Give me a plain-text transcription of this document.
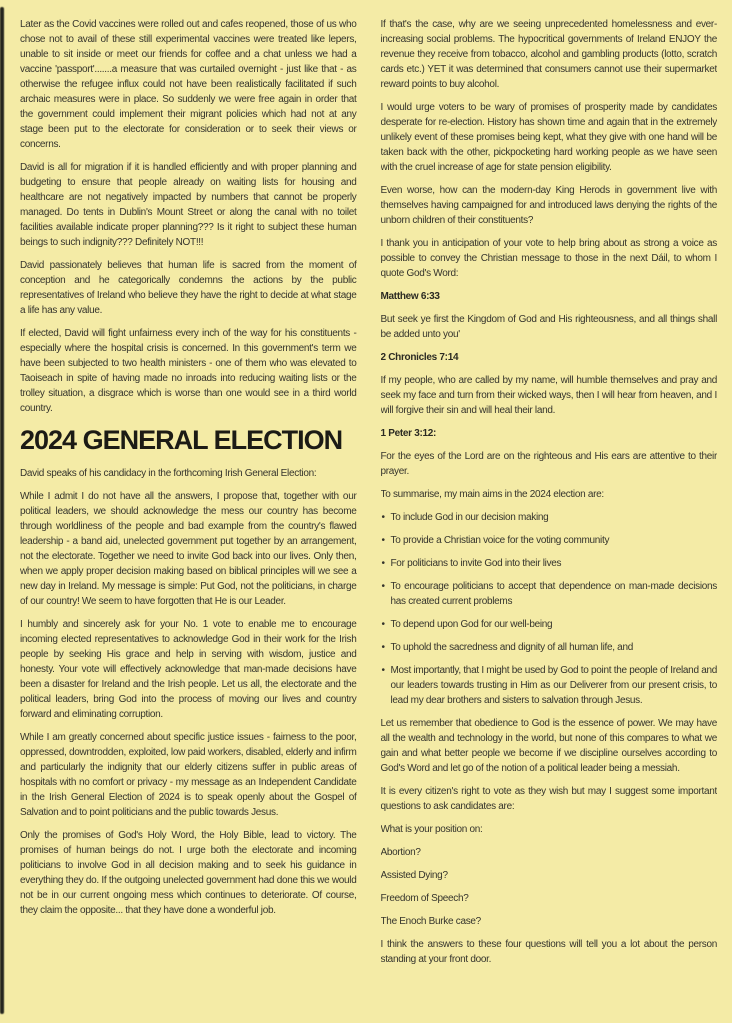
Later as the Covid vaccines were rolled out and cafes reopened, those of us who chose not to avail of these still experimental vaccines were treated like lepers, unable to sit inside or meet our friends for coffee and a chat unless we had a vaccine 'passport'.......a measure that was curtailed overnight - just like that - as otherwise the refugee influx could not have been realistically facilitated if such archaic measures were in place. So suddenly we were free again in order that the government could implement their migrant policies which had not at any stage been put to the electorate for consideration or to seek their views or concerns.

David is all for migration if it is handled efficiently and with proper planning and budgeting to ensure that people already on waiting lists for housing and healthcare are not negatively impacted by numbers that cannot be properly managed. Do tents in Dublin's Mount Street or along the canal with no toilet facilities available indicate proper planning??? Is it right to subject these human beings to such indignity??? Definitely NOT!!!

David passionately believes that human life is sacred from the moment of conception and he categorically condemns the actions by the public representatives of Ireland who believe they have the right to decide at what stage a life has any value.

If elected, David will fight unfairness every inch of the way for his constituents - especially where the hospital crisis is concerned. In this government's term we have been subjected to two health ministers - one of them who was elevated to Taoiseach in spite of having made no inroads into reducing waiting lists or the trolley situation, a disgrace which is worse than one would see in a third world country.

2024 GENERAL ELECTION

David speaks of his candidacy in the forthcoming Irish General Election:

While I admit I do not have all the answers, I propose that, together with our political leaders, we should acknowledge the mess our country has become through worldliness of the people and bad example from the country's flawed leadership - a band aid, unelected government put together by an arrangement, not the electorate. Together we need to invite God back into our lives. Only then, when we apply proper decision making based on biblical principles will we see a new day in Ireland. My message is simple: Put God, not the politicians, in charge of our country! We seem to have forgotten that He is our Leader.

I humbly and sincerely ask for your No. 1 vote to enable me to encourage incoming elected representatives to acknowledge God in their work for the Irish people by seeking His grace and help in serving with wisdom, justice and honesty. Your vote will effectively acknowledge that man-made decisions have been a disaster for Ireland and the Irish people. Let us all, the electorate and the political leaders, bring God into the process of moving our lives and country forward and eliminating corruption.

While I am greatly concerned about specific justice issues - fairness to the poor, oppressed, downtrodden, exploited, low paid workers, disabled, elderly and infirm and particularly the indignity that our elderly citizens suffer in public areas of hospitals with no comfort or privacy - my message as an Independent Candidate in the Irish General Election of 2024 is to speak openly about the Gospel of Salvation and to point politicians and the public towards Jesus.

Only the promises of God's Holy Word, the Holy Bible, lead to victory. The promises of human beings do not. I urge both the electorate and incoming politicians to involve God in all decision making and to seek his guidance in everything they do. If the outgoing unelected government had done this we would not be in our current ongoing mess which continues to deteriorate. Of course, they claim the opposite... that they have done a wonderful job.

If that's the case, why are we seeing unprecedented homelessness and ever-increasing social problems. The hypocritical governments of Ireland ENJOY the revenue they receive from tobacco, alcohol and gambling products (lotto, scratch cards etc.) YET it was determined that consumers cannot use their supermarket reward points to buy alcohol.

I would urge voters to be wary of promises of prosperity made by candidates desperate for re-election. History has shown time and again that in the extremely unlikely event of these promises being kept, what they give with one hand will be taken back with the other, pickpocketing hard working people as we have seen with the cruel increase of age for state pension eligibility.

Even worse, how can the modern-day King Herods in government live with themselves having campaigned for and introduced laws denying the rights of the unborn children of their constituents?

I thank you in anticipation of your vote to help bring about as strong a voice as possible to convey the Christian message to those in the next Dáil, to whom I quote God's Word:

Matthew 6:33

But seek ye first the Kingdom of God and His righteousness, and all things shall be added unto you'

2 Chronicles 7:14

If my people, who are called by my name, will humble themselves and pray and seek my face and turn from their wicked ways, then I will hear from heaven, and I will forgive their sin and will heal their land.

1 Peter 3:12:

For the eyes of the Lord are on the righteous and His ears are attentive to their prayer.

To summarise, my main aims in the 2024 election are:

• To include God in our decision making

• To provide a Christian voice for the voting community

• For politicians to invite God into their lives

• To encourage politicians to accept that dependence on man-made decisions has created current problems

• To depend upon God for our well-being

• To uphold the sacredness and dignity of all human life, and

• Most importantly, that I might be used by God to point the people of Ireland and our leaders towards trusting in Him as our Deliverer from our present crisis, to lead my dear brothers and sisters to salvation through Jesus.

Let us remember that obedience to God is the essence of power. We may have all the wealth and technology in the world, but none of this compares to what we gain and what better people we become if we discipline ourselves according to God's Word and let go of the notion of a political leader being a messiah.

It is every citizen's right to vote as they wish but may I suggest some important questions to ask candidates are:

What is your position on:

Abortion?

Assisted Dying?

Freedom of Speech?

The Enoch Burke case?

I think the answers to these four questions will tell you a lot about the person standing at your front door.
